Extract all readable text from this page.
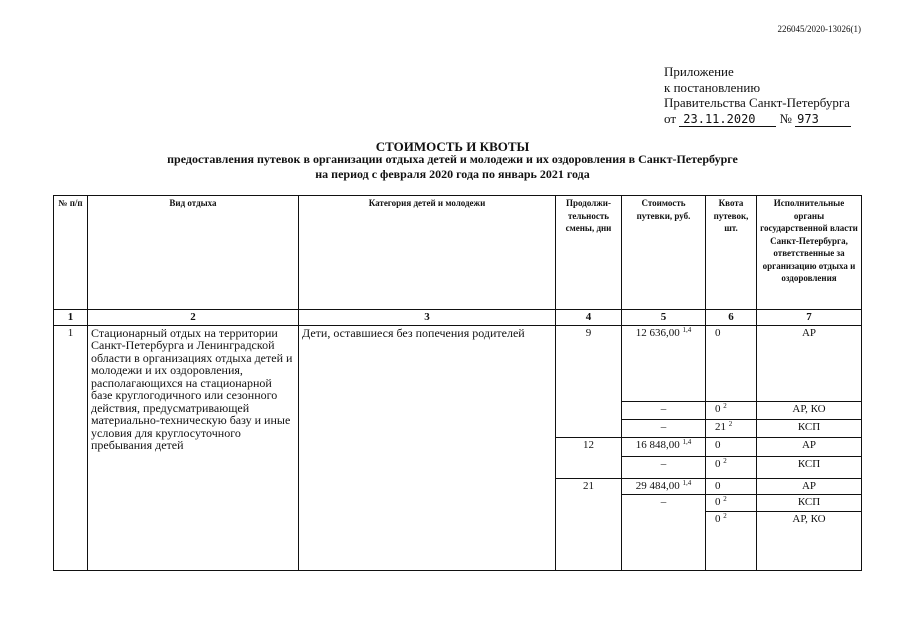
226045/2020-13026(1)
Приложение
к постановлению
Правительства Санкт-Петербурга
от 23.11.2020 № 973
СТОИМОСТЬ И КВОТЫ
предоставления путевок в организации отдыха детей и молодежи и их оздоровления в Санкт-Петербурге
на период с февраля 2020 года по январь 2021 года
№ п/п	Вид отдыха	Категория детей и молодежи	Продолжи-тельность смены, дни	Стоимость путевки, руб.	Квота путевок, шт.	Исполнительные органы государственной власти Санкт-Петербурга, ответственные за организацию отдыха и оздоровления
1	2	3	4	5	6	7
1	Стационарный отдых на территории Санкт-Петербурга и Ленинградской области в организациях отдыха детей и молодежи и их оздоровления, располагающихся на стационарной базе круглогодичного или сезонного действия, предусматривающей материально-техническую базу и иные условия для круглосуточного пребывания детей	Дети, оставшиеся без попечения родителей	9	12 636,00 $^{1,4}$	0	АР
				–	0 $^2$	АР, КО
				–	21 $^2$	КСП
			12	16 848,00 $^{1,4}$	0	АР
				–	0 $^2$	КСП
			21	29 484,00 $^{1,4}$	0	АР
				–	0 $^2$	КСП
					0 $^2$	АР, КО
